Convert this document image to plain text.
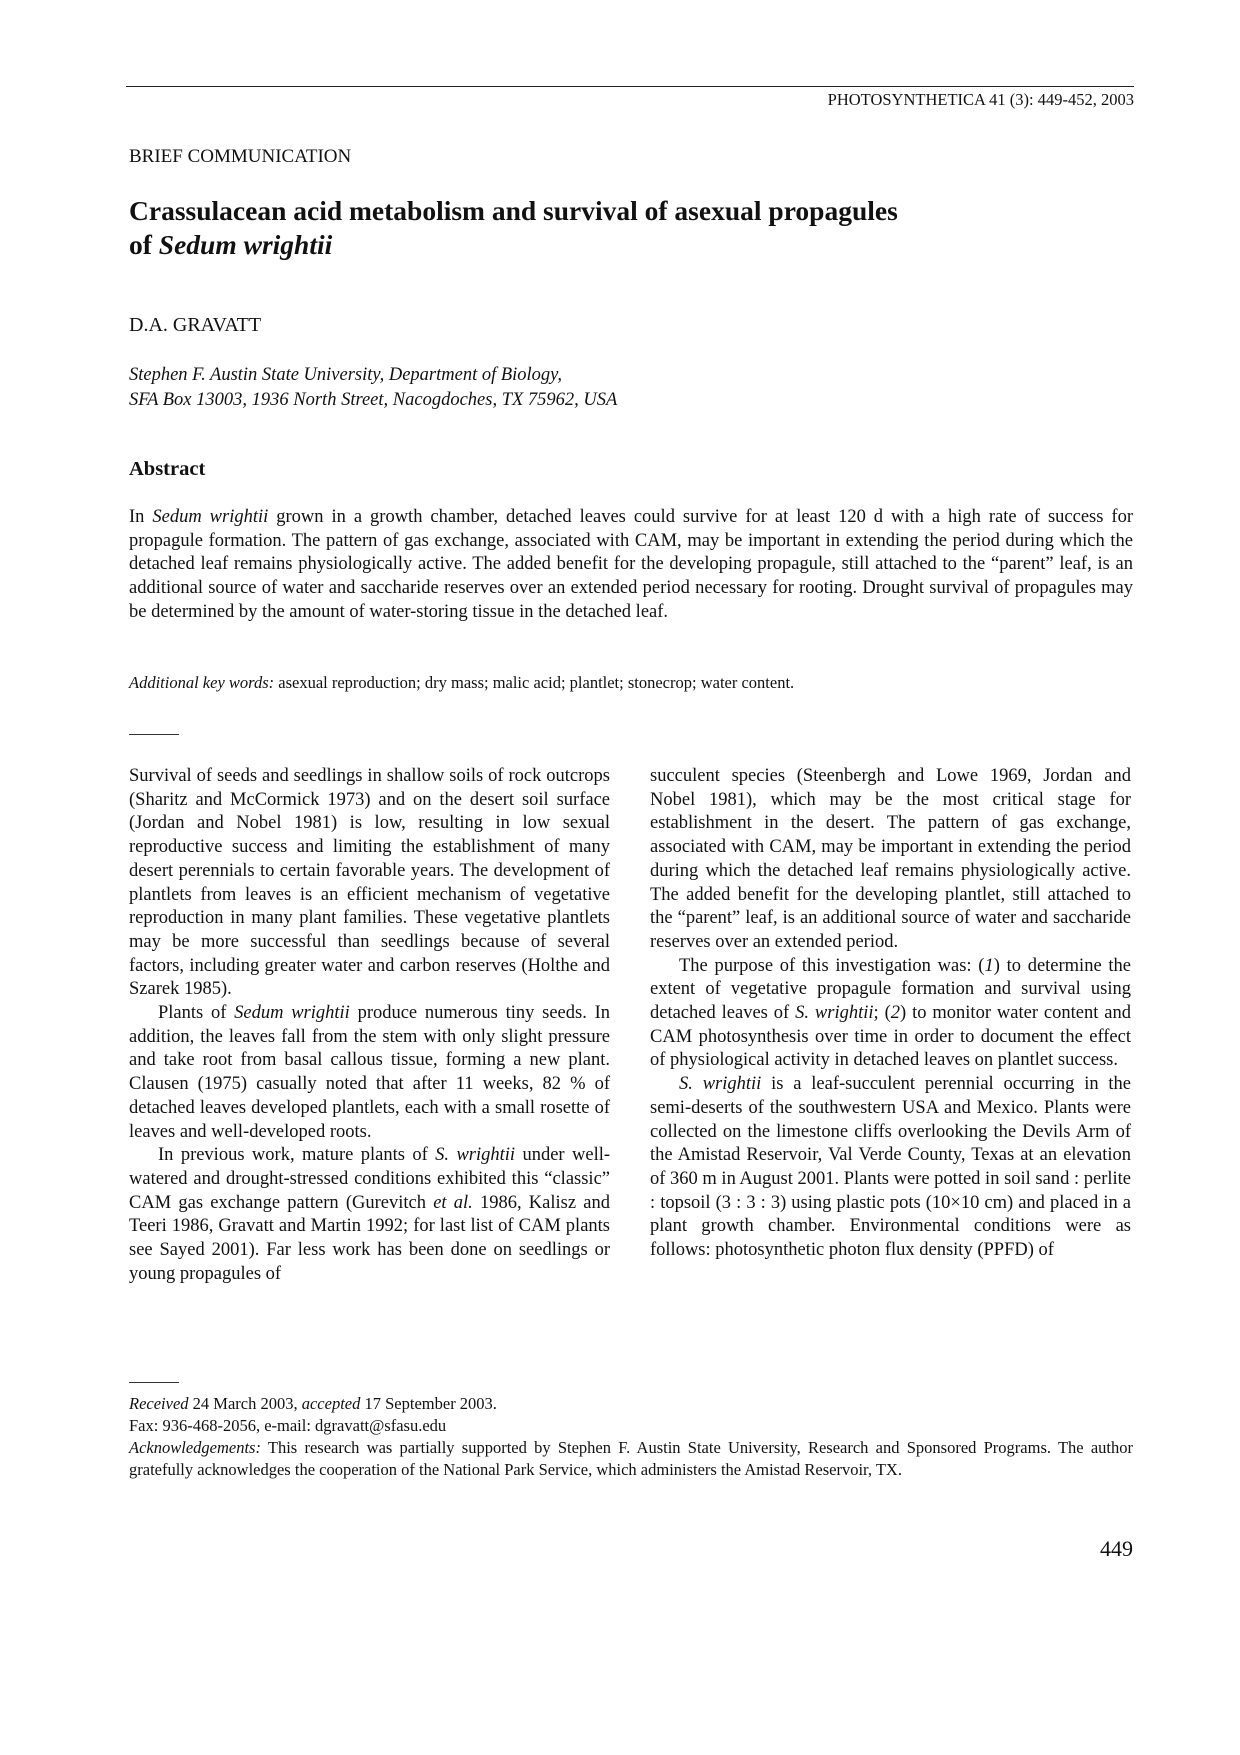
PHOTOSYNTHETICA 41 (3): 449-452, 2003
BRIEF COMMUNICATION
Crassulacean acid metabolism and survival of asexual propagules
of Sedum wrightii
D.A. GRAVATT
Stephen F. Austin State University, Department of Biology,
SFA Box 13003, 1936 North Street, Nacogdoches, TX 75962, USA
Abstract
In Sedum wrightii grown in a growth chamber, detached leaves could survive for at least 120 d with a high rate of success for propagule formation. The pattern of gas exchange, associated with CAM, may be important in extending the period during which the detached leaf remains physiologically active. The added benefit for the developing propagule, still attached to the “parent” leaf, is an additional source of water and saccharide reserves over an extended period necessary for rooting. Drought survival of propagules may be determined by the amount of water-storing tissue in the detached leaf.
Additional key words: asexual reproduction; dry mass; malic acid; plantlet; stonecrop; water content.

Survival of seeds and seedlings in shallow soils of rock outcrops (Sharitz and McCormick 1973) and on the desert soil surface (Jordan and Nobel 1981) is low, resulting in low sexual reproductive success and limiting the establishment of many desert perennials to certain favorable years. The development of plantlets from leaves is an efficient mechanism of vegetative reproduction in many plant families. These vegetative plantlets may be more successful than seedlings because of several factors, including greater water and carbon reserves (Holthe and Szarek 1985).

Plants of Sedum wrightii produce numerous tiny seeds. In addition, the leaves fall from the stem with only slight pressure and take root from basal callous tissue, forming a new plant. Clausen (1975) casually noted that after 11 weeks, 82 % of detached leaves developed plantlets, each with a small rosette of leaves and well-developed roots.

In previous work, mature plants of S. wrightii under well-watered and drought-stressed conditions exhibited this “classic” CAM gas exchange pattern (Gurevitch et al. 1986, Kalisz and Teeri 1986, Gravatt and Martin 1992; for last list of CAM plants see Sayed 2001). Far less work has been done on seedlings or young propagules of

succulent species (Steenbergh and Lowe 1969, Jordan and Nobel 1981), which may be the most critical stage for establishment in the desert. The pattern of gas exchange, associated with CAM, may be important in extending the period during which the detached leaf remains physiologically active. The added benefit for the developing plantlet, still attached to the “parent” leaf, is an additional source of water and saccharide reserves over an extended period.

The purpose of this investigation was: (1) to determine the extent of vegetative propagule formation and survival using detached leaves of S. wrightii; (2) to monitor water content and CAM photosynthesis over time in order to document the effect of physiological activity in detached leaves on plantlet success.

S. wrightii is a leaf-succulent perennial occurring in the semi-deserts of the southwestern USA and Mexico. Plants were collected on the limestone cliffs overlooking the Devils Arm of the Amistad Reservoir, Val Verde County, Texas at an elevation of 360 m in August 2001. Plants were potted in soil sand : perlite : topsoil (3 : 3 : 3) using plastic pots (10×10 cm) and placed in a plant growth chamber. Environmental conditions were as follows: photosynthetic photon flux density (PPFD) of

Received 24 March 2003, accepted 17 September 2003.

Fax: 936-468-2056, e-mail: dgravatt@sfasu.edu

Acknowledgements: This research was partially supported by Stephen F. Austin State University, Research and Sponsored Programs. The author gratefully acknowledges the cooperation of the National Park Service, which administers the Amistad Reservoir, TX.

449
